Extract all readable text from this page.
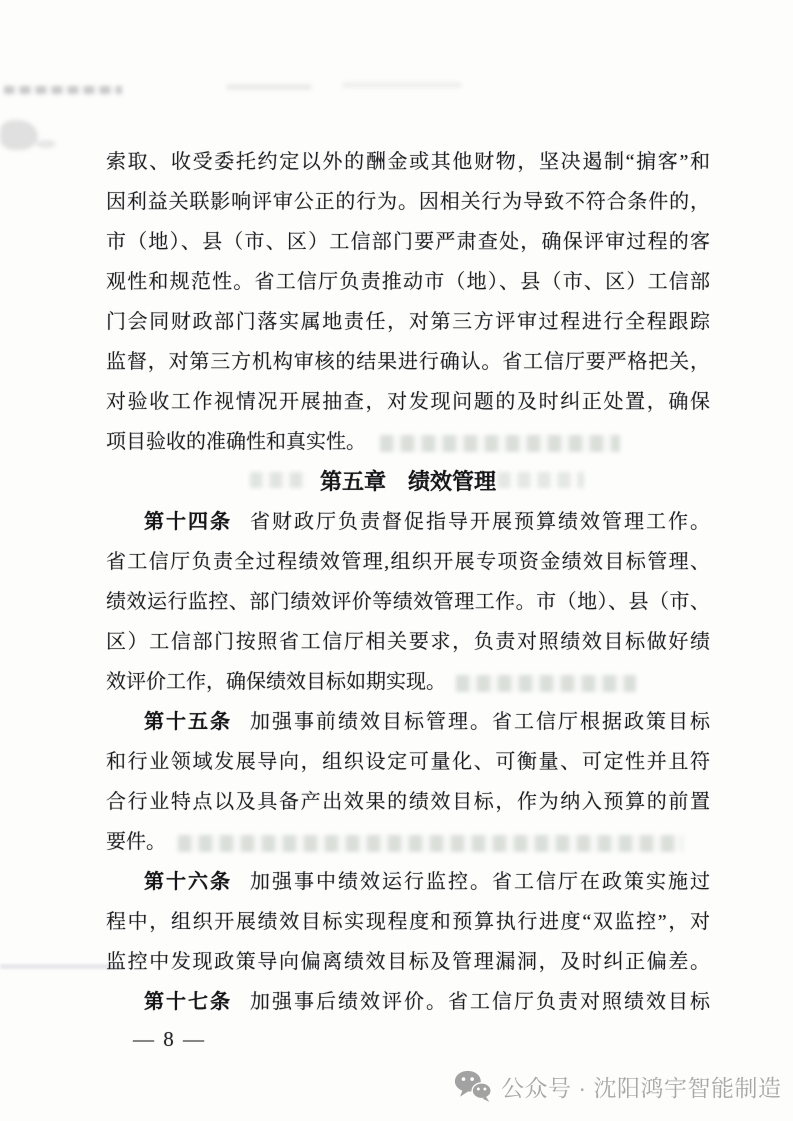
索取、收受委托约定以外的酬金或其他财物，坚决遏制“掮客”和
因利益关联影响评审公正的行为。因相关行为导致不符合条件的，
市（地）、县（市、区）工信部门要严肃查处，确保评审过程的客
观性和规范性。省工信厅负责推动市（地）、县（市、区）工信部
门会同财政部门落实属地责任，对第三方评审过程进行全程跟踪
监督，对第三方机构审核的结果进行确认。省工信厅要严格把关，
对验收工作视情况开展抽查，对发现问题的及时纠正处置，确保
项目验收的准确性和真实性。
第五章 绩效管理
第十四条 省财政厅负责督促指导开展预算绩效管理工作。
省工信厅负责全过程绩效管理,组织开展专项资金绩效目标管理、
绩效运行监控、部门绩效评价等绩效管理工作。市（地）、县（市、
区）工信部门按照省工信厅相关要求，负责对照绩效目标做好绩
效评价工作，确保绩效目标如期实现。
第十五条 加强事前绩效目标管理。省工信厅根据政策目标
和行业领域发展导向，组织设定可量化、可衡量、可定性并且符
合行业特点以及具备产出效果的绩效目标，作为纳入预算的前置
要件。
第十六条 加强事中绩效运行监控。省工信厅在政策实施过
程中，组织开展绩效目标实现程度和预算执行进度“双监控”，对
监控中发现政策导向偏离绩效目标及管理漏洞，及时纠正偏差。
第十七条 加强事后绩效评价。省工信厅负责对照绩效目标
— 8 —
公众号 · 沈阳鸿宇智能制造
